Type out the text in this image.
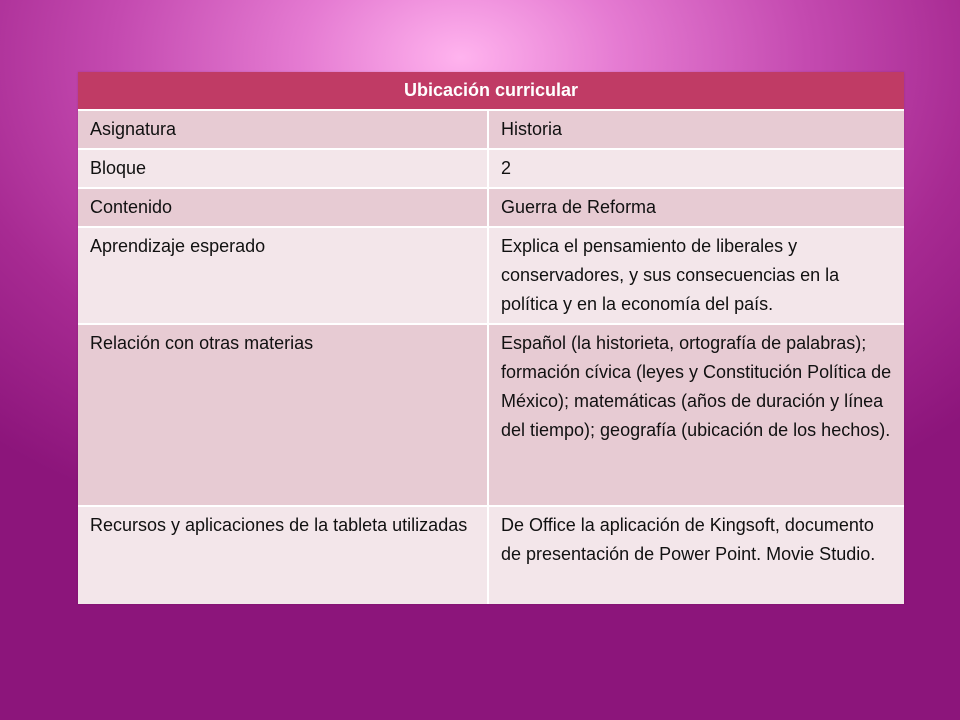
Ubicación curricular	
Asignatura	Historia
Bloque	2
Contenido	Guerra de Reforma
Aprendizaje esperado	Explica el pensamiento de liberales y conservadores, y sus consecuencias en la política y en la economía del país.
Relación con otras materias	Español (la historieta, ortografía de palabras); formación cívica (leyes y Constitución Política de México); matemáticas (años de duración y línea del tiempo); geografía (ubicación de los hechos).
Recursos y aplicaciones de la tableta utilizadas	De Office la aplicación de Kingsoft, documento de presentación de Power Point. Movie Studio.
